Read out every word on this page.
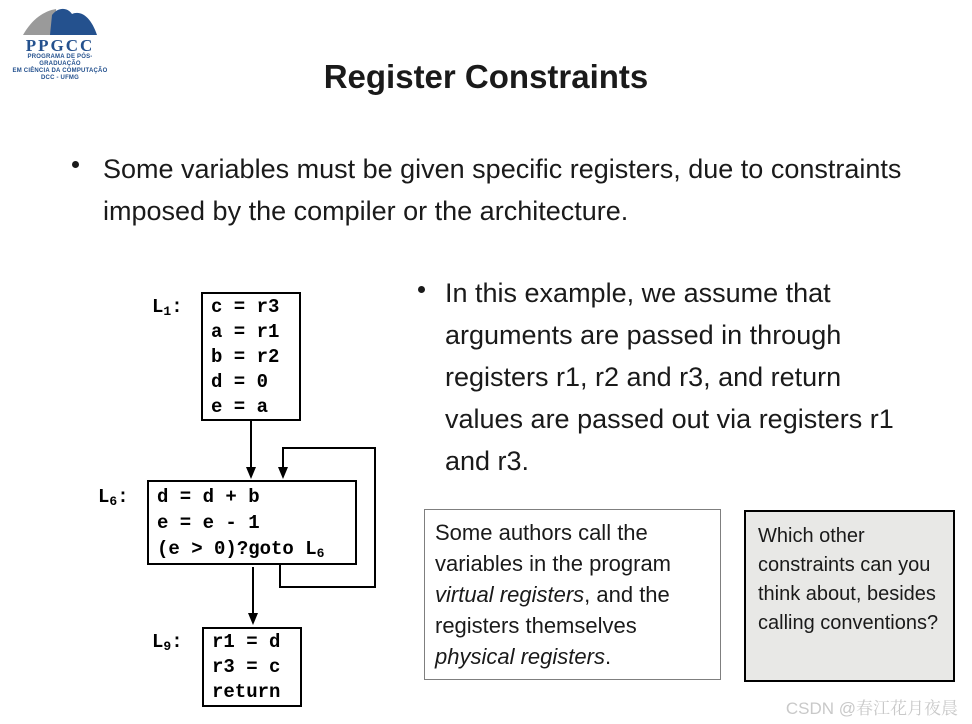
PPGCC
PROGRAMA DE PÓS-GRADUAÇÃO
EM CIÊNCIA DA COMPUTAÇÃO
DCC - UFMG	Register Constraints
Some variables must be given specific registers, due to constraints imposed by the compiler or the architecture.
In this example, we assume that arguments are passed in through registers r1, r2 and r3, and return values are passed out via registers r1 and r3.
L1:
L6:
L9:
c = r3
a = r1
b = r2
d = 0
e = a
d = d + b
e = e - 1
(e > 0)?goto L6
r1 = d
r3 = c
return
Some authors call the variables in the program virtual registers, and the registers themselves physical registers.
Which other constraints can you think about, besides calling conventions?
CSDN @春江花月夜晨
